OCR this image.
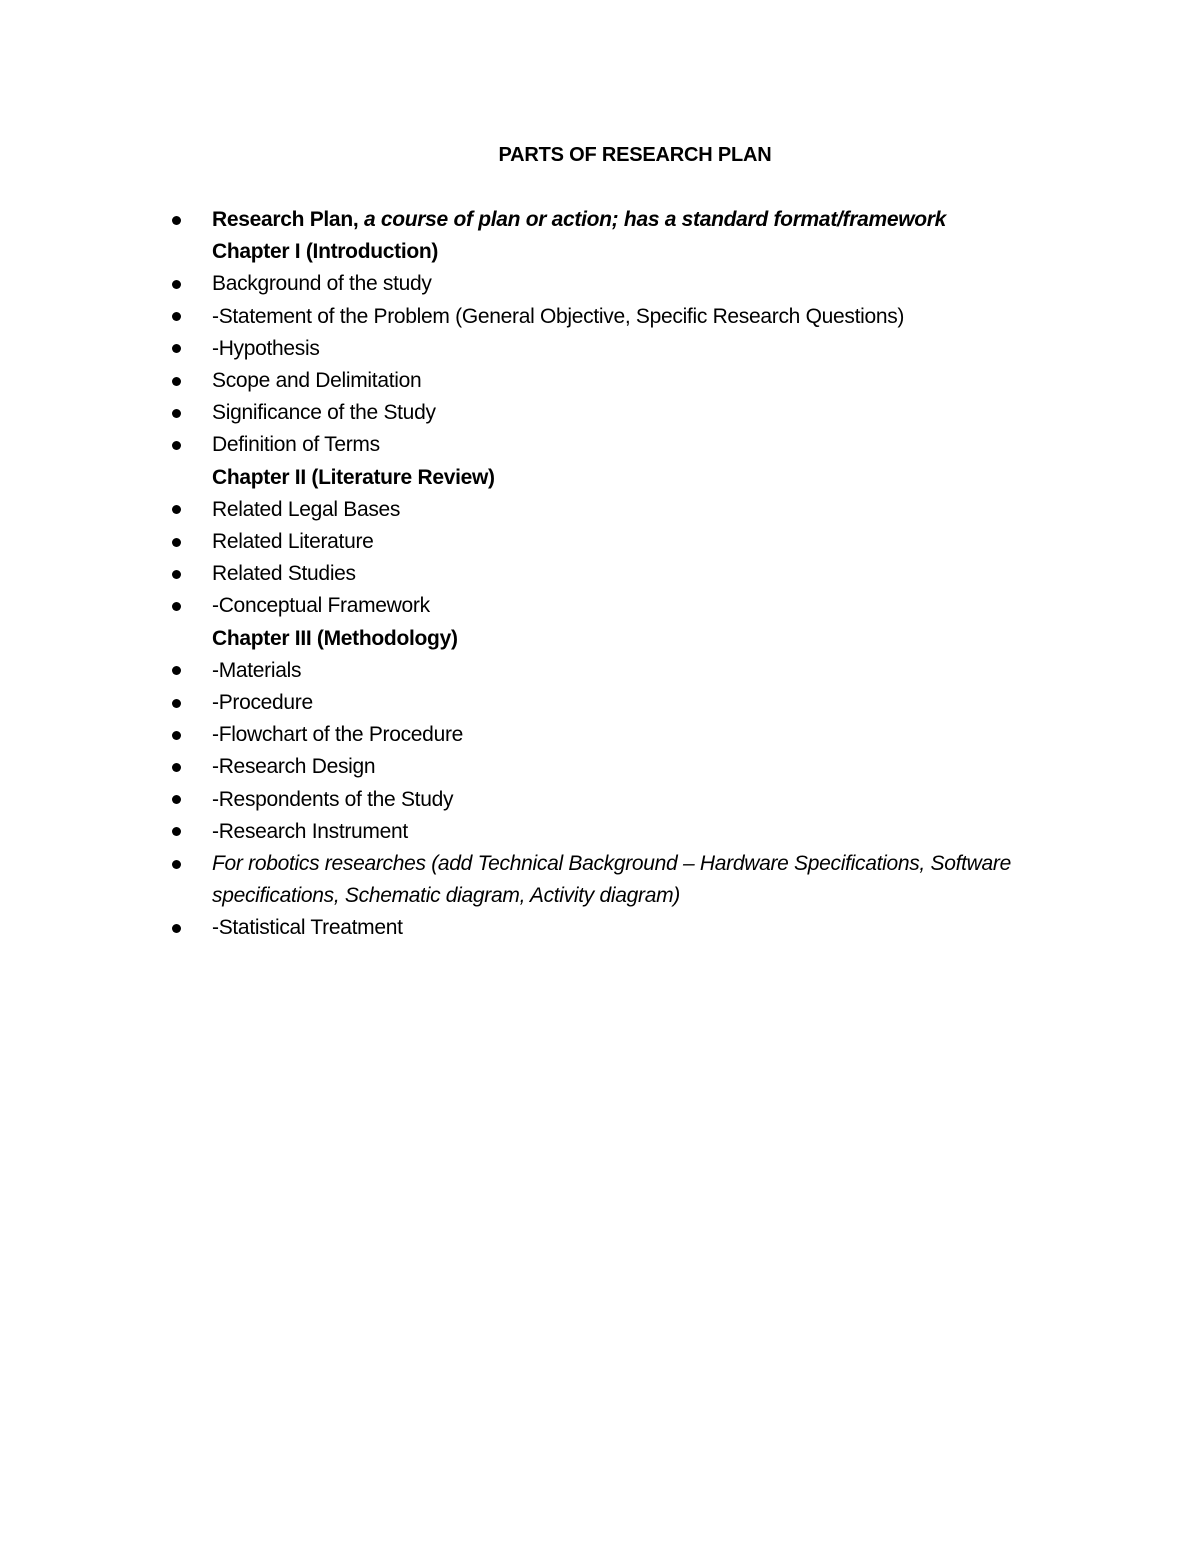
PARTS OF RESEARCH PLAN
Research Plan, a course of plan or action; has a standard format/framework
Chapter I (Introduction)
Background of the study
-Statement of the Problem (General Objective, Specific Research Questions)
-Hypothesis
Scope and Delimitation
Significance of the Study
Definition of Terms
Chapter II (Literature Review)
Related Legal Bases
Related Literature
Related Studies
-Conceptual Framework
Chapter III (Methodology)
-Materials
-Procedure
-Flowchart of the Procedure
-Research Design
-Respondents of the Study
-Research Instrument
For robotics researches (add Technical Background – Hardware Specifications, Software specifications, Schematic diagram, Activity diagram)
-Statistical Treatment
